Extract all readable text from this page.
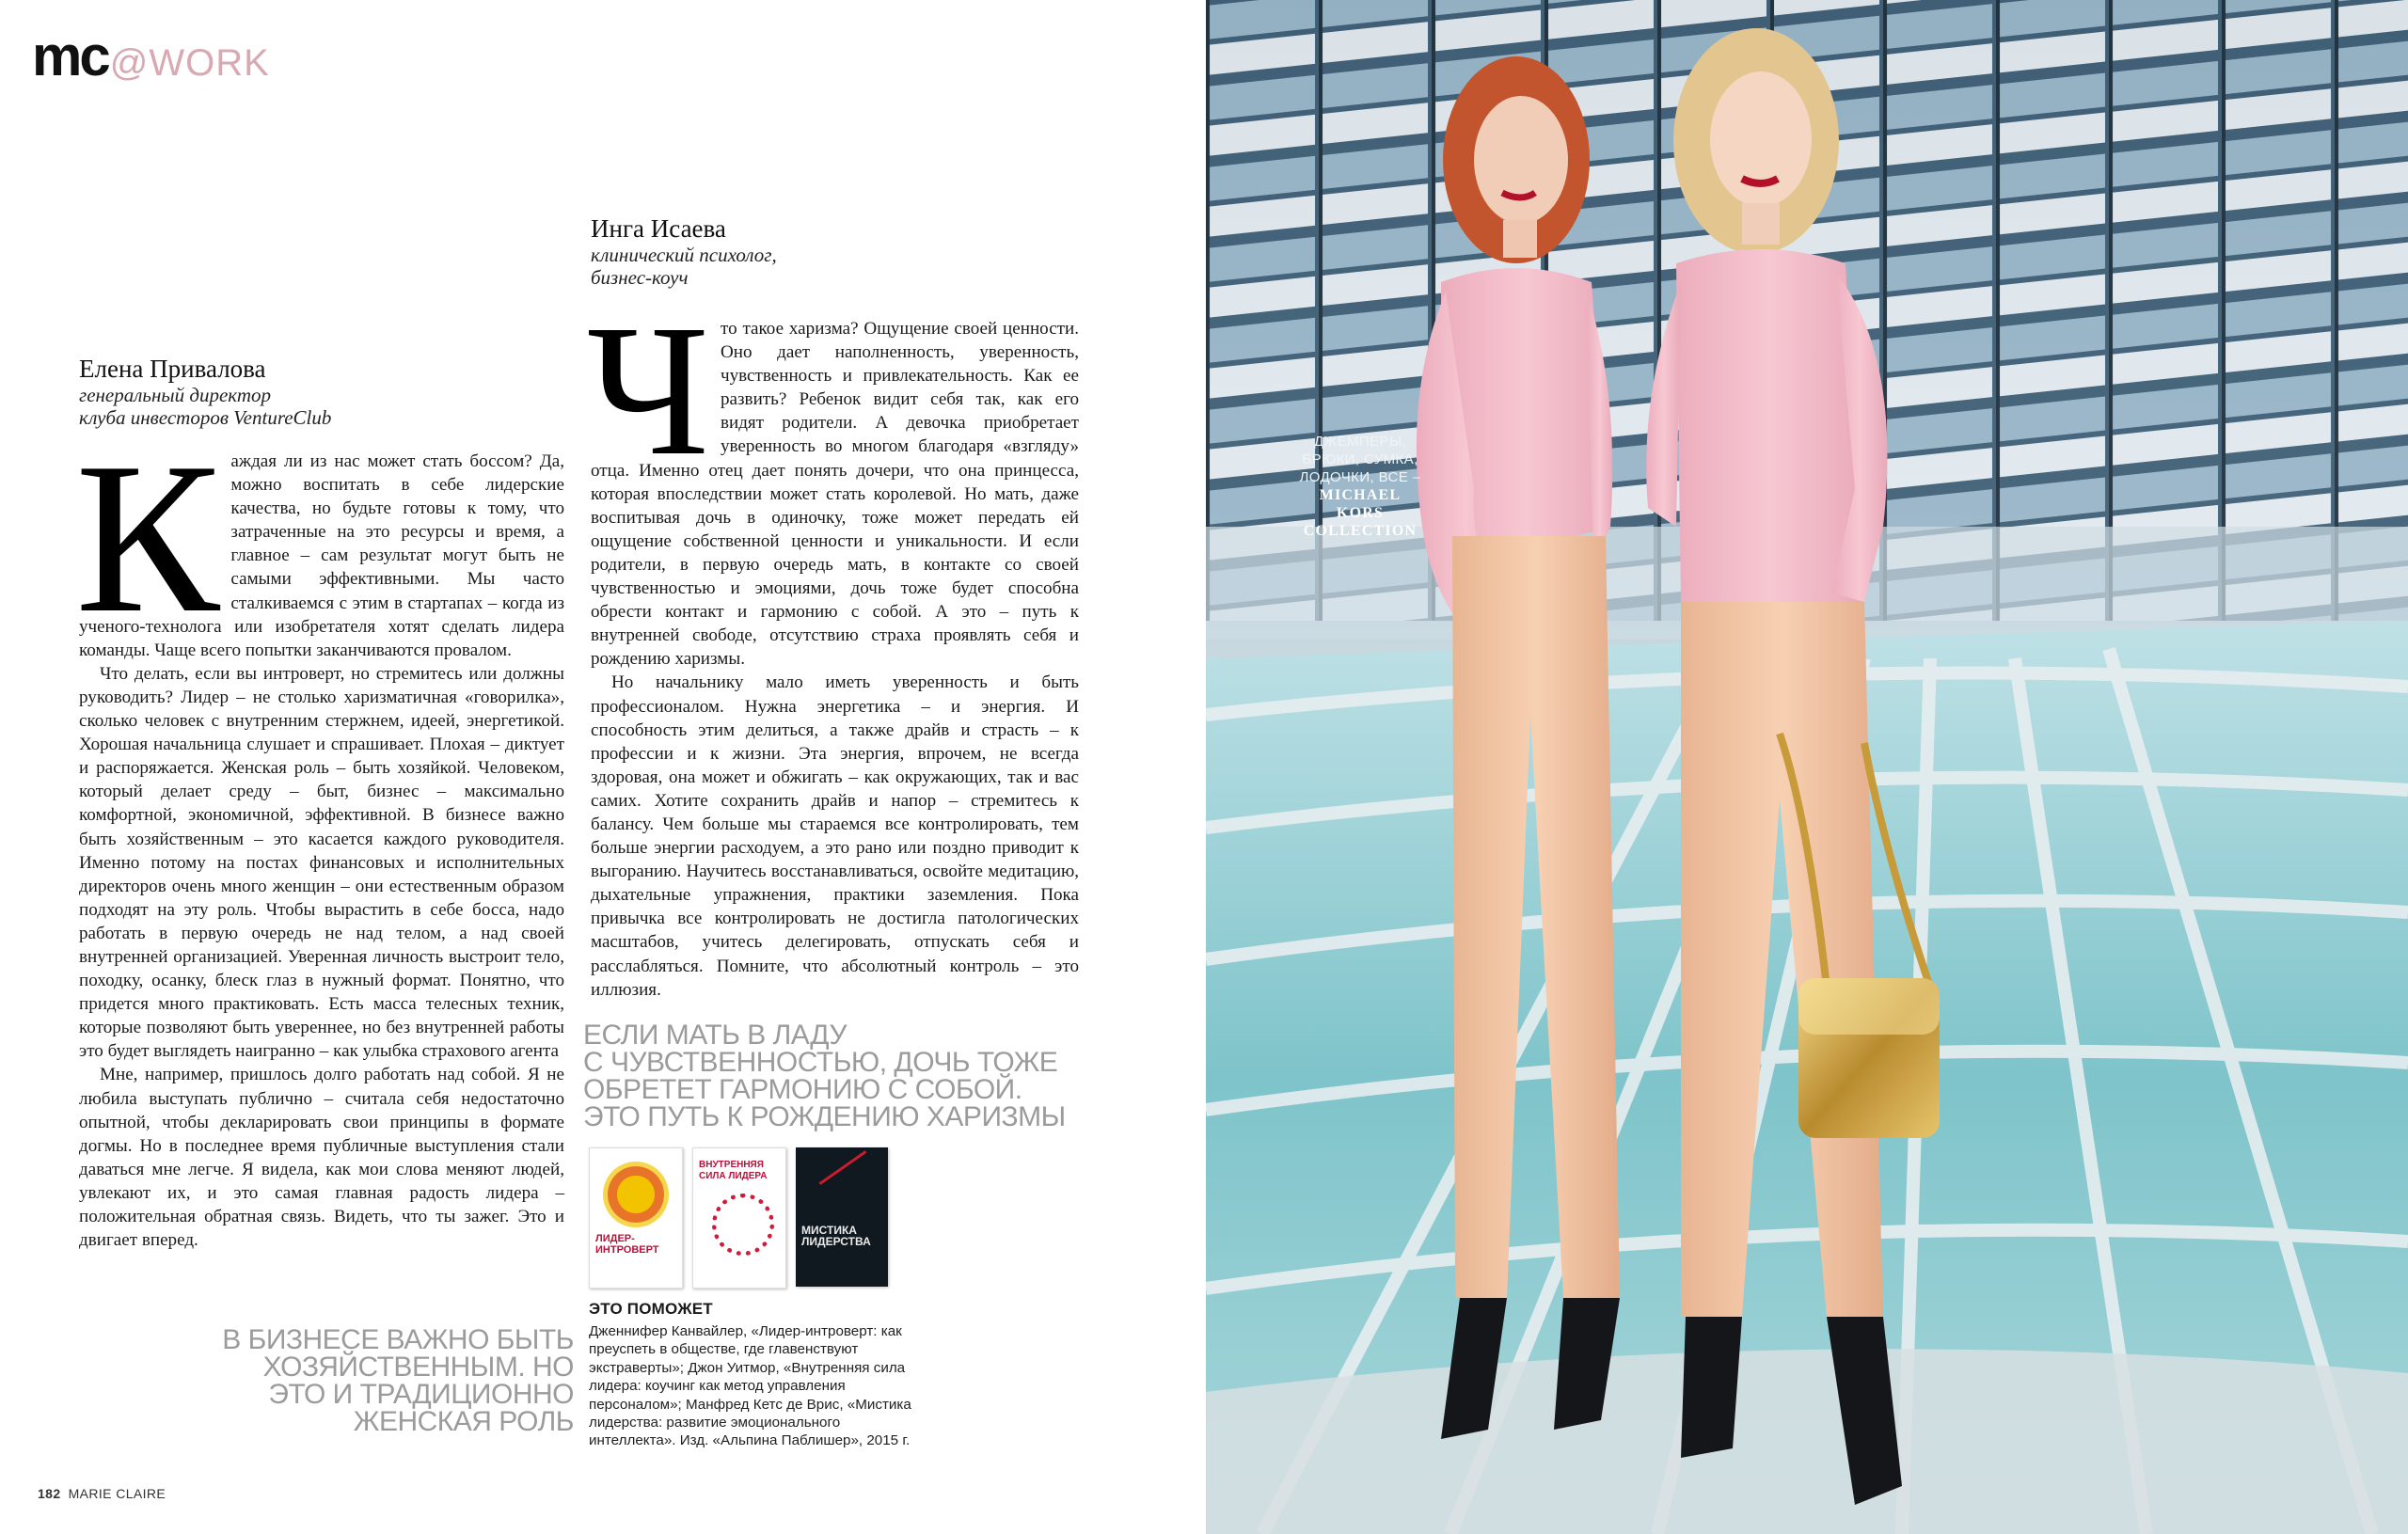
mc@WORK
Елена Привалова
генеральный директор
клуба инвесторов VentureClub

Каждая ли из нас может стать боссом? Да, можно воспитать в себе лидерские качества, но будьте готовы к тому, что затраченные на это ресурсы и время, а главное – сам результат могут быть не самыми эффективными. Мы часто сталкиваемся с этим в стартапах – когда из ученого-технолога или изобретателя хотят сделать лидера команды. Чаще всего попытки заканчиваются провалом.

Что делать, если вы интроверт, но стремитесь или должны руководить? Лидер – не столько харизматичная «говорилка», сколько человек с внутренним стержнем, идеей, энергетикой. Хорошая начальница слушает и спрашивает. Плохая – диктует и распоряжается. Женская роль – быть хозяйкой. Человеком, который делает среду – быт, бизнес – максимально комфортной, экономичной, эффективной. В бизнесе важно быть хозяйственным – это касается каждого руководителя. Именно потому на постах финансовых и исполнительных директоров очень много женщин – они естественным образом подходят на эту роль. Чтобы вырастить в себе босса, надо работать в первую очередь не над телом, а над своей внутренней организацией. Уверенная личность выстроит тело, походку, осанку, блеск глаз в нужный формат. Понятно, что придется много практиковать. Есть масса телесных техник, которые позволяют быть увереннее, но без внутренней работы это будет выглядеть наигранно – как улыбка страхового агента

Мне, например, пришлось долго работать над собой. Я не любила выступать публично – считала себя недостаточно опытной, чтобы декларировать свои принципы в формате догмы. Но в последнее время публичные выступления стали даваться мне легче. Я видела, как мои слова меняют людей, увлекают их, и это самая главная радость лидера – положительная обратная связь. Видеть, что ты зажег. Это и двигает вперед.

В БИЗНЕСЕ ВАЖНО БЫТЬ
ХОЗЯЙСТВЕННЫМ. НО
ЭТО И ТРАДИЦИОННО
ЖЕНСКАЯ РОЛЬ
Инга Исаева
клинический психолог,
бизнес-коуч

Что такое харизма? Ощущение своей ценности. Оно дает наполненность, уверенность, чувственность и привлекательность. Как ее развить? Ребенок видит себя так, как его видят родители. А девочка приобретает уверенность во многом благодаря «взгляду» отца. Именно отец дает понять дочери, что она принцесса, которая впоследствии может стать королевой. Но мать, даже воспитывая дочь в одиночку, тоже может передать ей ощущение собственной ценности и уникальности. И если родители, в первую очередь мать, в контакте со своей чувственностью и эмоциями, дочь тоже будет способна обрести контакт и гармонию с собой. А это – путь к внутренней свободе, отсутствию страха проявлять себя и рождению харизмы.

Но начальнику мало иметь уверенность и быть профессионалом. Нужна энергетика – и энергия. И способность этим делиться, а также драйв и страсть – к профессии и к жизни. Эта энергия, впрочем, не всегда здоровая, она может и обжигать – как окружающих, так и вас самих. Хотите сохранить драйв и напор – стремитесь к балансу. Чем больше мы стараемся все контролировать, тем больше энергии расходуем, а это рано или поздно приводит к выгоранию. Научитесь восстанавливаться, освойте медитацию, дыхательные упражнения, практики заземления. Пока привычка все контролировать не достигла патологических масштабов, учитесь делегировать, отпускать себя и расслабляться. Помните, что абсолютный контроль – это иллюзия.

ЕСЛИ МАТЬ В ЛАДУ
С ЧУВСТВЕННОСТЬЮ, ДОЧЬ ТОЖЕ
ОБРЕТЕТ ГАРМОНИЮ С СОБОЙ.
ЭТО ПУТЬ К РОЖДЕНИЮ ХАРИЗМЫ
ЛИДЕР-ИНТРОВЕРТ
ВНУТРЕННЯЯ СИЛА ЛИДЕРА
МИСТИКА ЛИДЕРСТВА
ЭТО ПОМОЖЕТ
Дженнифер Канвайлер, «Лидер-интроверт: как преуспеть в обществе, где главенствуют экстраверты»; Джон Уитмор, «Внутренняя сила лидера: коучинг как метод управления персоналом»; Манфред Кетс де Врис, «Мистика лидерства: развитие эмоционального интеллекта». Изд. «Альпина Паблишер», 2015 г.
182 MARIE CLAIRE
ДЖЕМПЕРЫ,
БРЮКИ, СУМКА,
ЛОДОЧКИ, ВСЕ –
MICHAEL
KORS
COLLECTION
